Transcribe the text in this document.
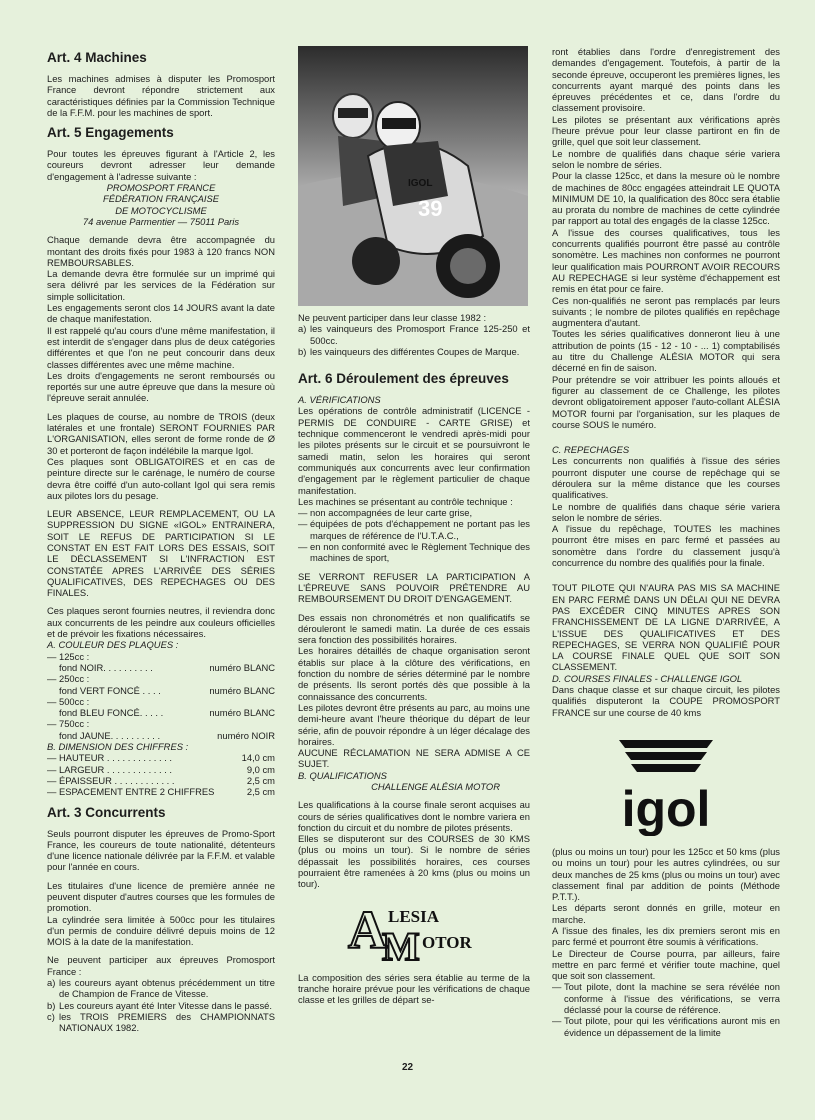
Art. 4 Machines

Les machines admises à disputer les Promosport France devront répondre strictement aux caractéristiques définies par la Commission Technique de la F.F.M. pour les machines de sport.

Art. 5 Engagements

Pour toutes les épreuves figurant à l'Article 2, les coureurs devront adresser leur demande d'engagement à l'adresse suivante :

PROMOSPORT FRANCE
FÉDÉRATION FRANÇAISE
DE MOTOCYCLISME
74 avenue Parmentier — 75011 Paris

Chaque demande devra être accompagnée du montant des droits fixés pour 1983 à 120 francs NON REMBOURSABLES.

La demande devra être formulée sur un imprimé qui sera délivré par les services de la Fédération sur simple sollicitation.

Les engagements seront clos 14 JOURS avant la date de chaque manifestation.

Il est rappelé qu'au cours d'une même manifestation, il est interdit de s'engager dans plus de deux catégories différentes et que l'on ne peut concourir dans deux classes différentes avec une même machine.

Les droits d'engagements ne seront remboursés ou reportés sur une autre épreuve que dans la mesure où l'épreuve serait annulée.

Les plaques de course, au nombre de TROIS (deux latérales et une frontale) SERONT FOURNIES PAR L'ORGANISATION, elles seront de forme ronde de Ø 30 et porteront de façon indélébile la marque Igol.

Ces plaques sont OBLIGATOIRES et en cas de peinture directe sur le carénage, le numéro de course devra être coiffé d'un auto-collant Igol qui sera remis aux pilotes lors du pesage.

LEUR ABSENCE, LEUR REMPLACEMENT, OU LA SUPPRESSION DU SIGNE «IGOL» ENTRAINERA, SOIT LE REFUS DE PARTICIPATION SI LE CONSTAT EN EST FAIT LORS DES ESSAIS, SOIT LE DÉCLASSEMENT SI L'INFRACTION EST CONSTATÉE APRES L'ARRIVÉE DES SÉRIES QUALIFICATIVES, DES REPECHAGES OU DES FINALES.

Ces plaques seront fournies neutres, il reviendra donc aux concurrents de les peindre aux couleurs officielles et de prévoir les fixations nécessaires.

A. COULEUR DES PLAQUES :

— 125cc :
fond NOIR. . . . . . . . . .	numéro BLANC
— 250cc :
fond VERT FONCÉ . . . .	numéro BLANC
— 500cc :
fond BLEU FONCÉ. . . . .	numéro BLANC
— 750cc :
fond JAUNE. . . . . . . . . .	numéro NOIR

B. DIMENSION DES CHIFFRES :

— HAUTEUR . . . . . . . . . . . . .	14,0 cm
— LARGEUR . . . . . . . . . . . . .	9,0 cm
— ÉPAISSEUR . . . . . . . . . . . .	2,5 cm
— ESPACEMENT ENTRE 2 CHIFFRES	2,5 cm
Art. 3 Concurrents

Seuls pourront disputer les épreuves de Promo-Sport France, les coureurs de toute nationalité, détenteurs d'une licence nationale délivrée par la F.F.M. et valable pour l'année en cours.

Les titulaires d'une licence de première année ne peuvent disputer d'autres courses que les formules de promotion.

La cylindrée sera limitée à 500cc pour les titulaires d'un permis de conduire délivré depuis moins de 12 MOIS à la date de la manifestation.

Ne peuvent participer aux épreuves Promosport France :

a) les coureurs ayant obtenus précédemment un titre de Champion de France de Vitesse.
b) Les coureurs ayant été Inter Vitesse dans le passé.
c) les TROIS PREMIERS des CHAMPIONNATS NATIONAUX 1982.
39
IGOL

Ne peuvent participer dans leur classe 1982 :

a) les vainqueurs des Promosport France 125-250 et 500cc.
b) les vainqueurs des différentes Coupes de Marque.
Art. 6 Déroulement des épreuves

A. VÉRIFICATIONS

Les opérations de contrôle administratif (LICENCE - PERMIS DE CONDUIRE - CARTE GRISE) et technique commenceront le vendredi après-midi pour les pilotes présents sur le circuit et se poursuivront le samedi matin, selon les horaires qui seront communiqués aux concurrents avec leur confirmation d'engagement par le règlement particulier de chaque manifestation.

Les machines se présentant au contrôle technique :

— non accompagnées de leur carte grise,
— équipées de pots d'échappement ne portant pas les marques de référence de l'U.T.A.C.,
— en non conformité avec le Règlement Technique des machines de sport,

SE VERRONT REFUSER LA PARTICIPATION A L'ÉPREUVE SANS POUVOIR PRÉTENDRE AU REMBOURSEMENT DU DROIT D'ENGAGEMENT.

Des essais non chronométrés et non qualificatifs se dérouleront le samedi matin. La durée de ces essais sera fonction des possibilités horaires.

Les horaires détaillés de chaque organisation seront établis sur place à la clôture des vérifications, en fonction du nombre de séries déterminé par le nombre de présents. Ils seront portés dès que possible à la connaissance des concurrents.

Les pilotes devront être présents au parc, au moins une demi-heure avant l'heure théorique du départ de leur série, afin de pouvoir répondre à un léger décalage des horaires.

AUCUNE RÉCLAMATION NE SERA ADMISE A CE SUJET.

B. QUALIFICATIONS

CHALLENGE ALÉSIA MOTOR

Les qualifications à la course finale seront acquises au cours de séries qualificatives dont le nombre variera en fonction du circuit et du nombre de pilotes présents.

Elles se disputeront sur des COURSES de 30 KMS (plus ou moins un tour). Si le nombre de séries dépassait les possibilités horaires, ces courses pourraient être ramenées à 20 kms (plus ou moins un tour).

A
M
LESIA
OTOR

La composition des séries sera établie au terme de la tranche horaire prévue pour les vérifications de chaque classe et les grilles de départ se-

ront établies dans l'ordre d'enregistrement des demandes d'engagement. Toutefois, à partir de la seconde épreuve, occuperont les premières lignes, les concurrents ayant marqué des points dans les épreuves précédentes et ce, dans l'ordre du classement provisoire.

Les pilotes se présentant aux vérifications après l'heure prévue pour leur classe partiront en fin de grille, quel que soit leur classement.

Le nombre de qualifiés dans chaque série variera selon le nombre de séries.

Pour la classe 125cc, et dans la mesure où le nombre de machines de 80cc engagées atteindrait LE QUOTA MINIMUM DE 10, la qualification des 80cc sera établie au prorata du nombre de machines de cette cylindrée par rapport au total des engagés de la classe 125cc.

A l'issue des courses qualificatives, tous les concurrents qualifiés pourront être passé au contrôle sonomètre. Les machines non conformes ne pourront leur qualification mais POURRONT AVOIR RECOURS AU REPECHAGE si leur système d'échappement est remis en état pour ce faire.

Ces non-qualifiés ne seront pas remplacés par leurs suivants ; le nombre de pilotes qualifiés en repêchage augmentera d'autant.

Toutes les séries qualificatives donneront lieu à une attribution de points (15 - 12 - 10 - ... 1) comptabilisés au titre du Challenge ALÉSIA MOTOR qui sera décerné en fin de saison.

Pour prétendre se voir attribuer les points alloués et figurer au classement de ce Challenge, les pilotes devront obligatoirement apposer l'auto-collant ALÉSIA MOTOR fourni par l'organisation, sur les plaques de course SOUS le numéro.

C. REPECHAGES

Les concurrents non qualifiés à l'issue des séries pourront disputer une course de repêchage qui se déroulera sur la même distance que les courses qualificatives.

Le nombre de qualifiés dans chaque série variera selon le nombre de séries.

A l'issue du repêchage, TOUTES les machines pourront être mises en parc fermé et passées au sonomètre dans l'ordre du classement jusqu'à concurrence du nombre des qualifiés pour la finale.

TOUT PILOTE QUI N'AURA PAS MIS SA MACHINE EN PARC FERMÉ DANS UN DÉLAI QUI NE DEVRA PAS EXCÉDER CINQ MINUTES APRES SON FRANCHISSEMENT DE LA LIGNE D'ARRIVÉE, A L'ISSUE DES QUALIFICATIVES ET DES REPECHAGES, SE VERRA NON QUALIFIÉ POUR LA COURSE FINALE QUEL QUE SOIT SON CLASSEMENT.

D. COURSES FINALES - CHALLENGE IGOL

Dans chaque classe et sur chaque circuit, les pilotes qualifiés disputeront la COUPE PROMOSPORT FRANCE sur une course de 40 kms

igol

(plus ou moins un tour) pour les 125cc et 50 kms (plus ou moins un tour) pour les autres cylindrées, ou sur deux manches de 25 kms (plus ou moins un tour) avec classement final par addition de points (Méthode P.T.T.).

Les départs seront donnés en grille, moteur en marche.

A l'issue des finales, les dix premiers seront mis en parc fermé et pourront être soumis à vérifications.

Le Directeur de Course pourra, par ailleurs, faire mettre en parc fermé et vérifier toute machine, quel que soit son classement.

— Tout pilote, dont la machine se sera révélée non conforme à l'issue des vérifications, se verra déclassé pour la course de référence.
— Tout pilote, pour qui les vérifications auront mis en évidence un dépassement de la limite
22
